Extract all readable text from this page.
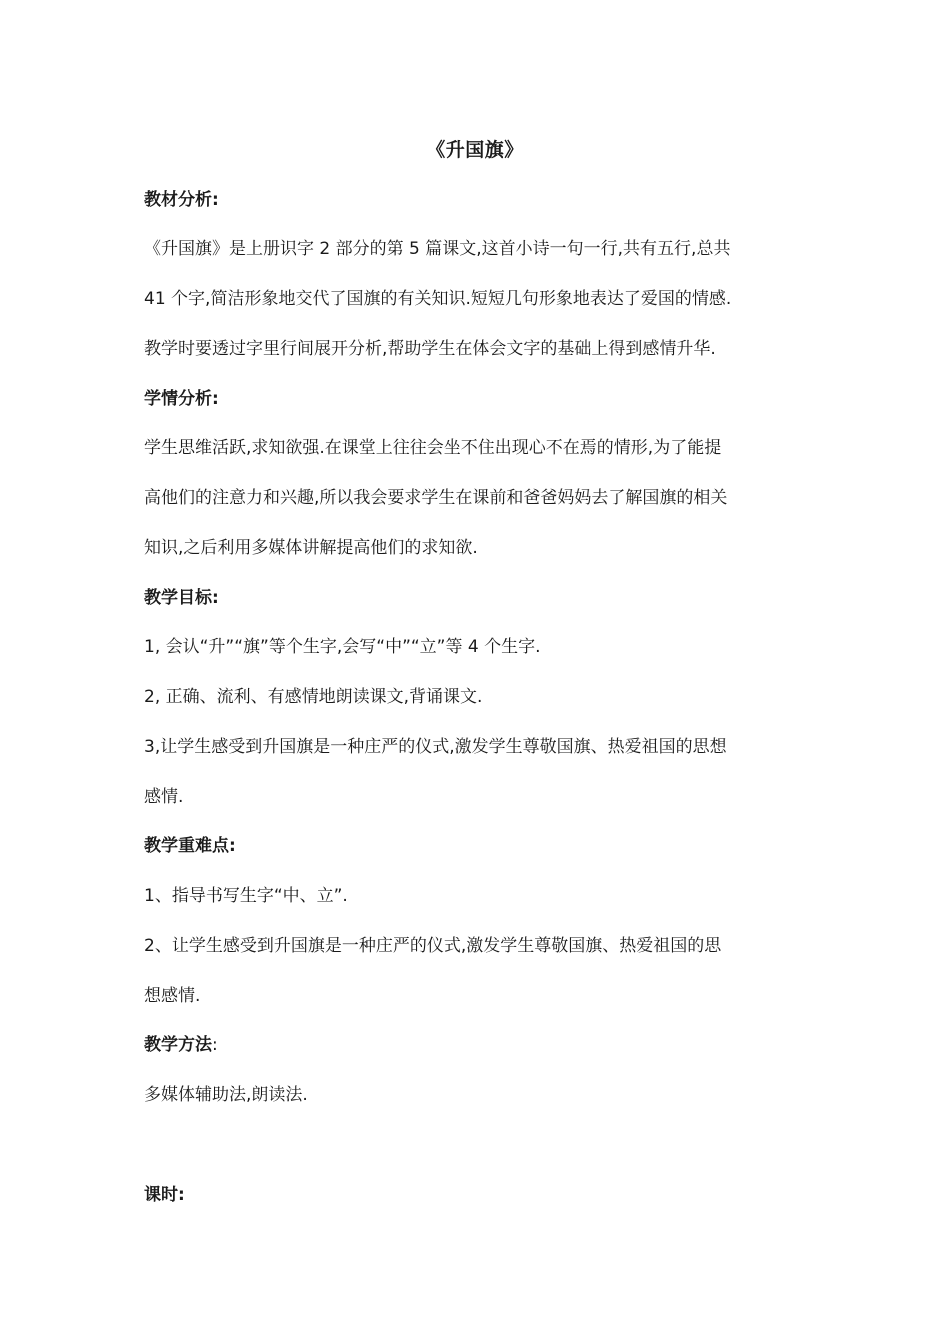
《升国旗》
教材分析:
《升国旗》是上册识字 2 部分的第 5 篇课文,这首小诗一句一行,共有五行,总共
41 个字,简洁形象地交代了国旗的有关知识.短短几句形象地表达了爱国的情感.
教学时要透过字里行间展开分析,帮助学生在体会文字的基础上得到感情升华.
学情分析:
学生思维活跃,求知欲强.在课堂上往往会坐不住出现心不在焉的情形,为了能提
高他们的注意力和兴趣,所以我会要求学生在课前和爸爸妈妈去了解国旗的相关
知识,之后利用多媒体讲解提高他们的求知欲.
教学目标:
1, 会认“升”“旗”等个生字,会写“中”“立”等 4 个生字.
2, 正确、流利、有感情地朗读课文,背诵课文.
3,让学生感受到升国旗是一种庄严的仪式,激发学生尊敬国旗、热爱祖国的思想
感情.
教学重难点:
1、指导书写生字“中、立”.
2、让学生感受到升国旗是一种庄严的仪式,激发学生尊敬国旗、热爱祖国的思
想感情.
教学方法:
多媒体辅助法,朗读法.
课时:
